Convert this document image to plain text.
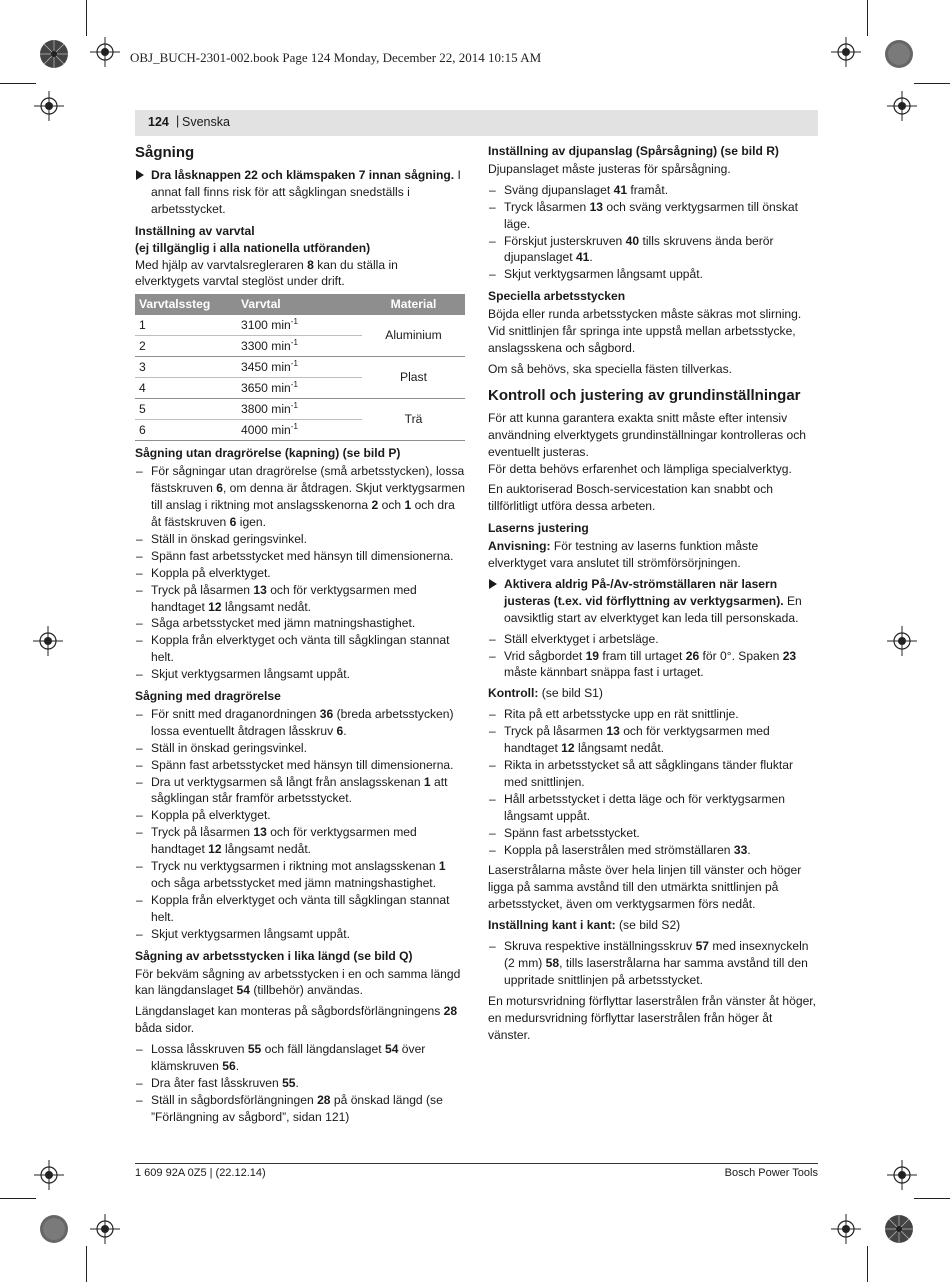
OBJ_BUCH-2301-002.book Page 124 Monday, December 22, 2014 10:15 AM
124 | Svenska
Sågning
Dra låsknappen 22 och klämspaken 7 innan sågning. I annat fall finns risk för att sågklingan snedställs i arbetsstycket.
Inställning av varvtal
(ej tillgänglig i alla nationella utföranden)

Med hjälp av varvtalsregleraren 8 kan du ställa in elverktygets varvtal steglöst under drift.

Varvtalssteg	Varvtal	Material
1	3100 $\min^{-1}$	Aluminium
2	3300 $\min^{-1}$
3	3450 $\min^{-1}$	Plast
4	3650 $\min^{-1}$
5	3800 $\min^{-1}$	Trä
6	4000 $\min^{-1}$
Sågning utan dragrörelse (kapning) (se bild P)
– För sågningar utan dragrörelse (små arbetsstycken), lossa fästskruven 6, om denna är åtdragen. Skjut verktygsarmen till anslag i riktning mot anslagsskenorna 2 och 1 och dra åt fästskruven 6 igen.
– Ställ in önskad geringsvinkel.
– Spänn fast arbetsstycket med hänsyn till dimensionerna.
– Koppla på elverktyget.
– Tryck på låsarmen 13 och för verktygsarmen med handtaget 12 långsamt nedåt.
– Såga arbetsstycket med jämn matningshastighet.
– Koppla från elverktyget och vänta till sågklingan stannat helt.
– Skjut verktygsarmen långsamt uppåt.
Sågning med dragrörelse
– För snitt med draganordningen 36 (breda arbetsstycken) lossa eventuellt åtdragen låsskruv 6.
– Ställ in önskad geringsvinkel.
– Spänn fast arbetsstycket med hänsyn till dimensionerna.
– Dra ut verktygsarmen så långt från anslagsskenan 1 att sågklingan står framför arbetsstycket.
– Koppla på elverktyget.
– Tryck på låsarmen 13 och för verktygsarmen med handtaget 12 långsamt nedåt.
– Tryck nu verktygsarmen i riktning mot anslagsskenan 1 och såga arbetsstycket med jämn matningshastighet.
– Koppla från elverktyget och vänta till sågklingan stannat helt.
– Skjut verktygsarmen långsamt uppåt.
Sågning av arbetsstycken i lika längd (se bild Q)

För bekväm sågning av arbetsstycken i en och samma längd kan längdanslaget 54 (tillbehör) användas.

Längdanslaget kan monteras på sågbordsförlängningens 28 båda sidor.

– Lossa låsskruven 55 och fäll längdanslaget 54 över klämskruven 56.
– Dra åter fast låsskruven 55.
– Ställ in sågbordsförlängningen 28 på önskad längd (se ”Förlängning av sågbord”, sidan 121)
Inställning av djupanslag (Spårsågning) (se bild R)

Djupanslaget måste justeras för spårsågning.

– Sväng djupanslaget 41 framåt.
– Tryck låsarmen 13 och sväng verktygsarmen till önskat läge.
– Förskjut justerskruven 40 tills skruvens ända berör djupanslaget 41.
– Skjut verktygsarmen långsamt uppåt.
Speciella arbetsstycken

Böjda eller runda arbetsstycken måste säkras mot slirning. Vid snittlinjen får springa inte uppstå mellan arbetsstycke, anslagsskena och sågbord.

Om så behövs, ska speciella fästen tillverkas.

Kontroll och justering av grundinställningar

För att kunna garantera exakta snitt måste efter intensiv användning elverktygets grundinställningar kontrolleras och eventuellt justeras.

För detta behövs erfarenhet och lämpliga specialverktyg.

En auktoriserad Bosch-servicestation kan snabbt och tillförlitligt utföra dessa arbeten.

Laserns justering

Anvisning: För testning av laserns funktion måste elverktyget vara anslutet till strömförsörjningen.

Aktivera aldrig På-/Av-strömställaren när lasern justeras (t.ex. vid förflyttning av verktygsarmen). En oavsiktlig start av elverktyget kan leda till personskada.
– Ställ elverktyget i arbetsläge.
– Vrid sågbordet 19 fram till urtaget 26 för 0°. Spaken 23 måste kännbart snäppa fast i urtaget.

Kontroll: (se bild S1)

– Rita på ett arbetsstycke upp en rät snittlinje.
– Tryck på låsarmen 13 och för verktygsarmen med handtaget 12 långsamt nedåt.
– Rikta in arbetsstycket så att sågklingans tänder fluktar med snittlinjen.
– Håll arbetsstycket i detta läge och för verktygsarmen långsamt uppåt.
– Spänn fast arbetsstycket.
– Koppla på laserstrålen med strömställaren 33.

Laserstrålarna måste över hela linjen till vänster och höger ligga på samma avstånd till den utmärkta snittlinjen på arbetsstycket, även om verktygsarmen förs nedåt.

Inställning kant i kant: (se bild S2)

– Skruva respektive inställningsskruv 57 med insexnyckeln (2 mm) 58, tills laserstrålarna har samma avstånd till den uppritade snittlinjen på arbetsstycket.

En motursvridning förflyttar laserstrålen från vänster åt höger, en medursvridning förflyttar laserstrålen från höger åt vänster.

1 609 92A 0Z5 | (22.12.14)	Bosch Power Tools
